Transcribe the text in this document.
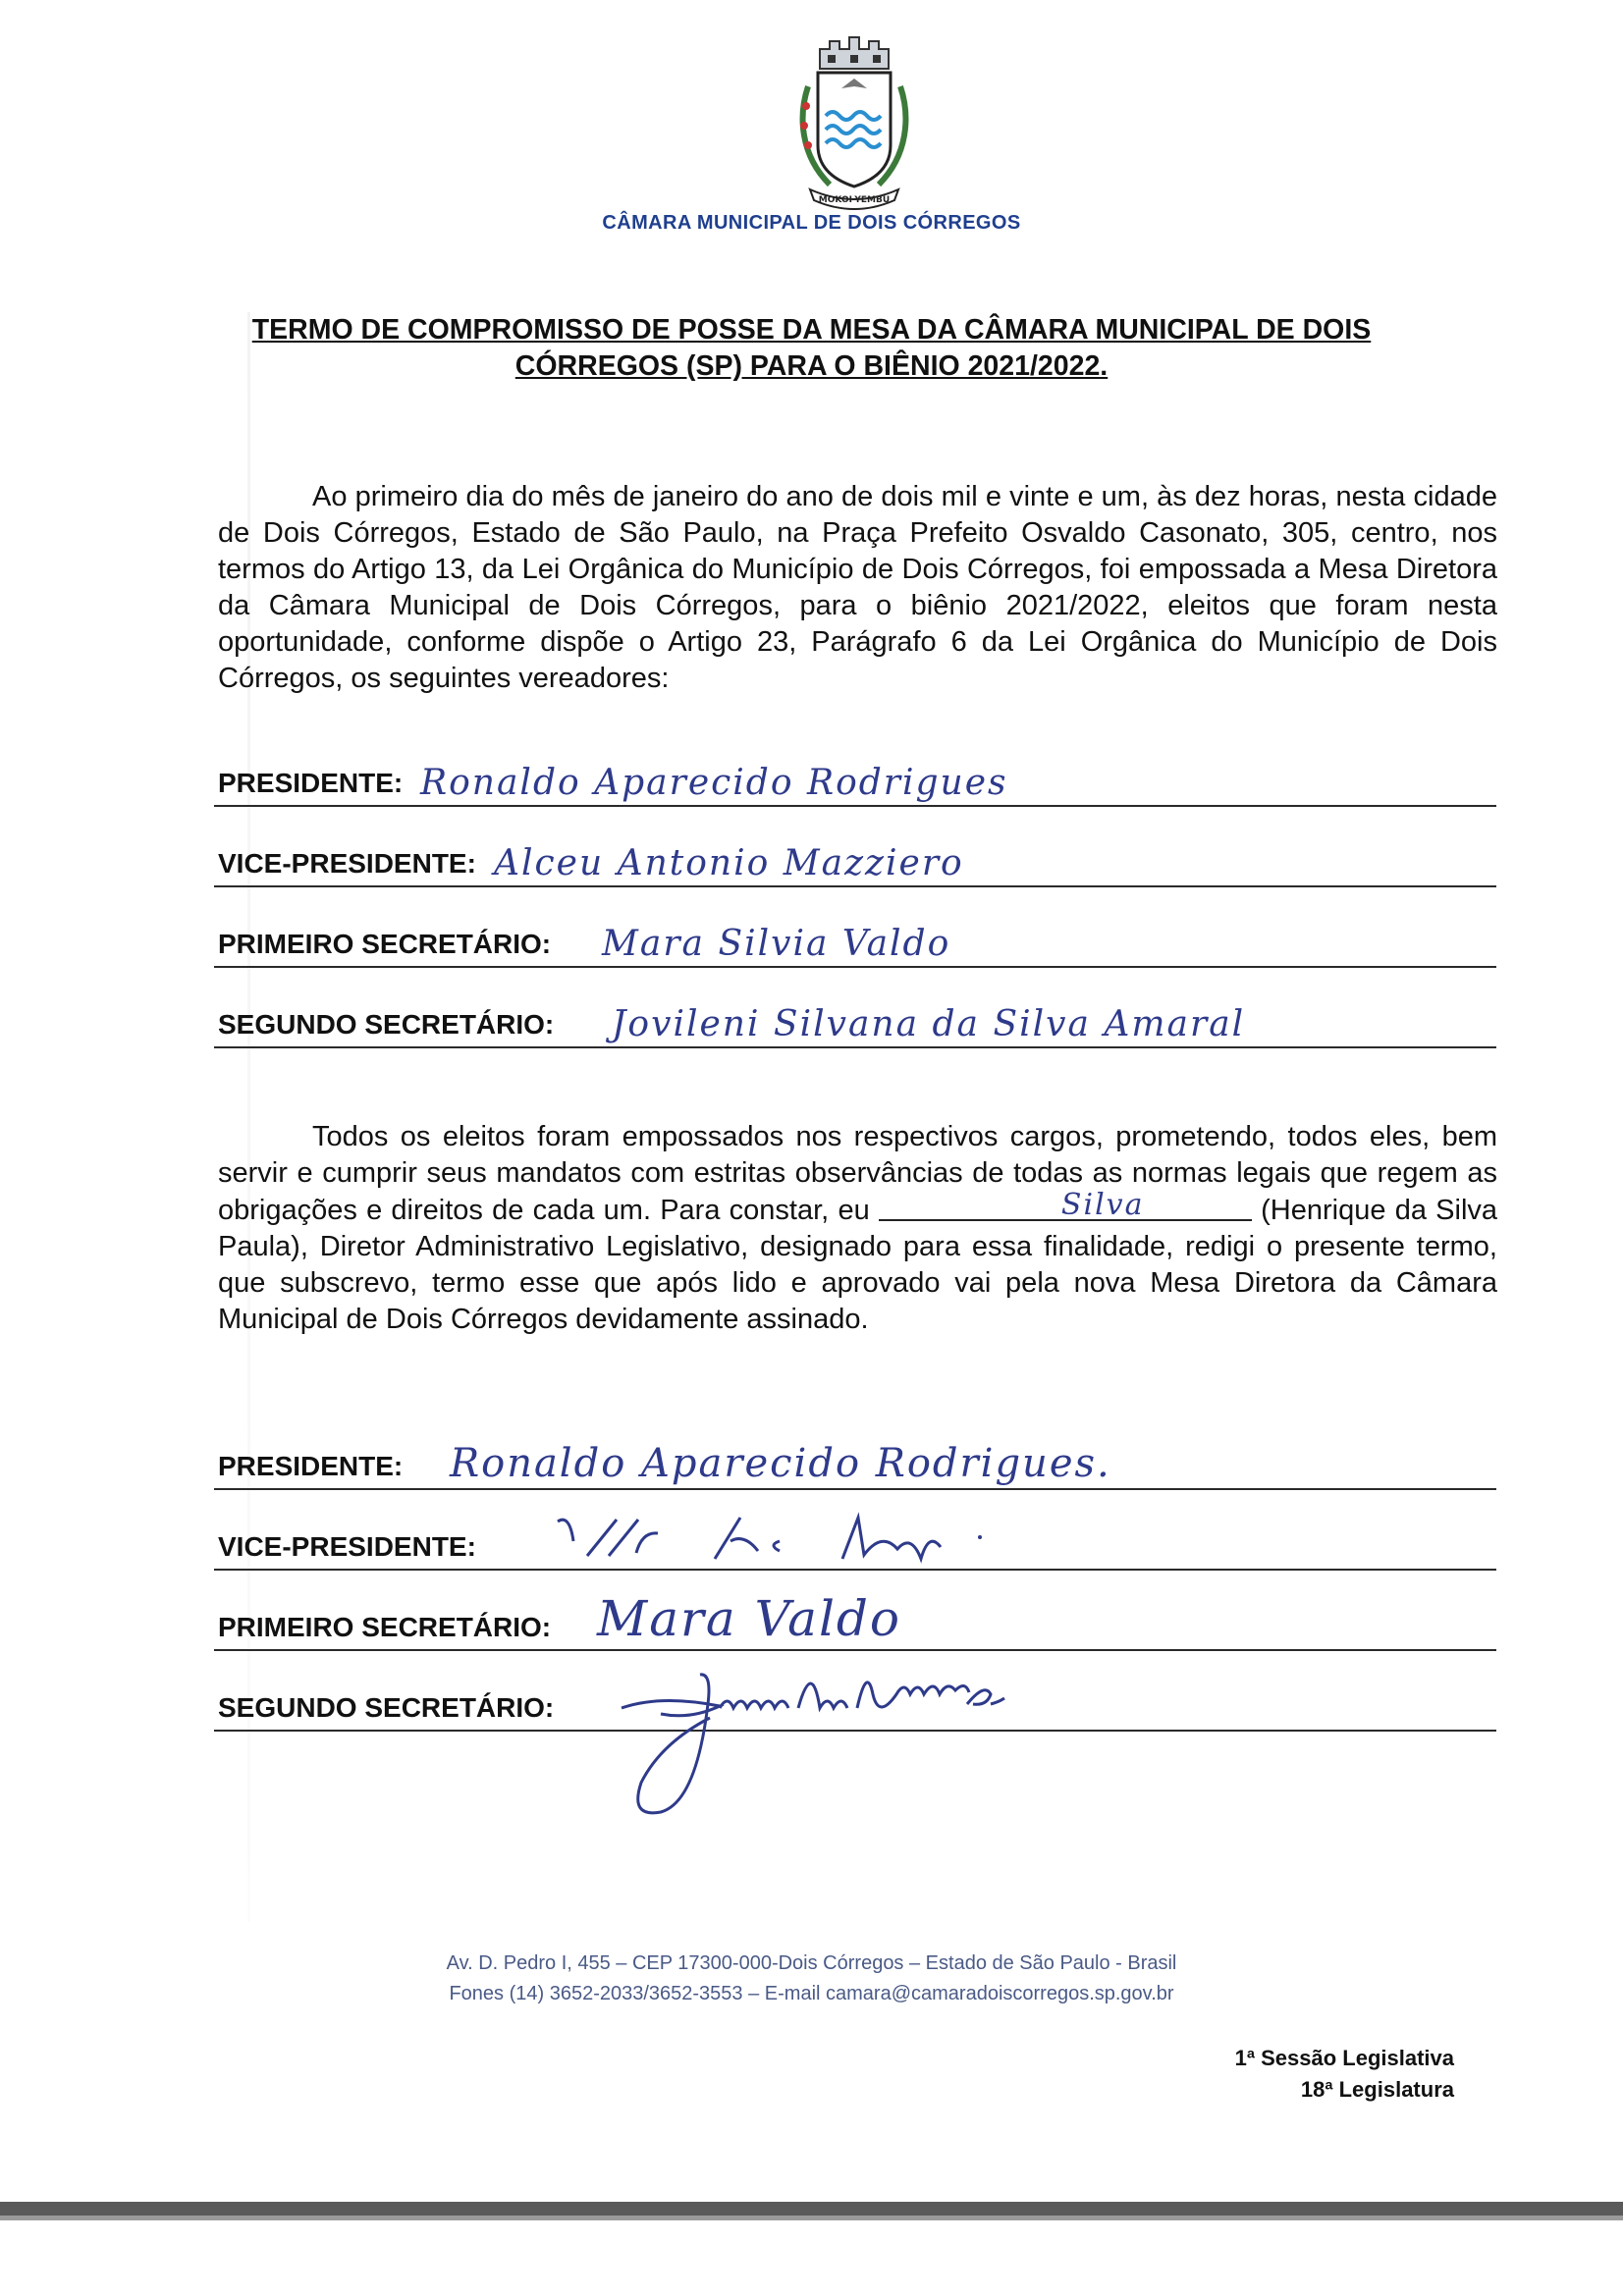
MOKOI-YEMBU
CÂMARA MUNICIPAL DE DOIS CÓRREGOS
TERMO DE COMPROMISSO DE POSSE DA MESA DA CÂMARA MUNICIPAL DE DOIS
CÓRREGOS (SP) PARA O BIÊNIO 2021/2022.
Ao primeiro dia do mês de janeiro do ano de dois mil e vinte e um, às dez horas, nesta cidade de Dois Córregos, Estado de São Paulo, na Praça Prefeito Osvaldo Casonato, 305, centro, nos termos do Artigo 13, da Lei Orgânica do Município de Dois Córregos, foi empossada a Mesa Diretora da Câmara Municipal de Dois Córregos, para o biênio 2021/2022, eleitos que foram nesta oportunidade, conforme dispõe o Artigo 23, Parágrafo 6 da Lei Orgânica do Município de Dois Córregos, os seguintes vereadores:
PRESIDENTE: Ronaldo Aparecido Rodrigues
VICE-PRESIDENTE: Alceu Antonio Mazziero
PRIMEIRO SECRETÁRIO: Mara Silvia Valdo
SEGUNDO SECRETÁRIO: Jovileni Silvana da Silva Amaral
Todos os eleitos foram empossados nos respectivos cargos, prometendo, todos eles, bem servir e cumprir seus mandatos com estritas observâncias de todas as normas legais que regem as obrigações e direitos de cada um. Para constar, eu	Silva	(Henrique da Silva Paula), Diretor Administrativo Legislativo, designado para essa finalidade, redigi o presente termo, que subscrevo, termo esse que após lido e aprovado vai pela nova Mesa Diretora da Câmara Municipal de Dois Córregos devidamente assinado.
PRESIDENTE: Ronaldo Aparecido Rodrigues.
VICE-PRESIDENTE:
PRIMEIRO SECRETÁRIO: Mara Valdo
SEGUNDO SECRETÁRIO:
Av. D. Pedro I, 455 – CEP 17300-000-Dois Córregos – Estado de São Paulo - Brasil
Fones (14) 3652-2033/3652-3553 – E-mail camara@camaradoiscorregos.sp.gov.br
1ª Sessão Legislativa
18ª Legislatura
